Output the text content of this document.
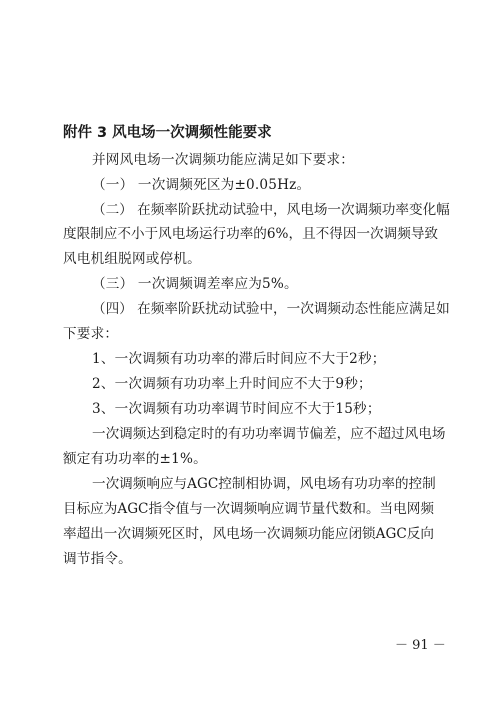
附件 3 风电场一次调频性能要求
并网风电场一次调频功能应满足如下要求：
（一） 一次调频死区为±0.05Hz。
（二） 在频率阶跃扰动试验中，风电场一次调频功率变化幅
度限制应不小于风电场运行功率的6%，且不得因一次调频导致
风电机组脱网或停机。
（三） 一次调频调差率应为5%。
（四） 在频率阶跃扰动试验中，一次调频动态性能应满足如
下要求：
1、一次调频有功功率的滞后时间应不大于2秒；
2、一次调频有功功率上升时间应不大于9秒；
3、一次调频有功功率调节时间应不大于15秒；
一次调频达到稳定时的有功功率调节偏差，应不超过风电场
额定有功功率的±1%。
一次调频响应与AGC控制相协调，风电场有功功率的控制
目标应为AGC指令值与一次调频响应调节量代数和。当电网频
率超出一次调频死区时，风电场一次调频功能应闭锁AGC反向
调节指令。
－ 91 －
